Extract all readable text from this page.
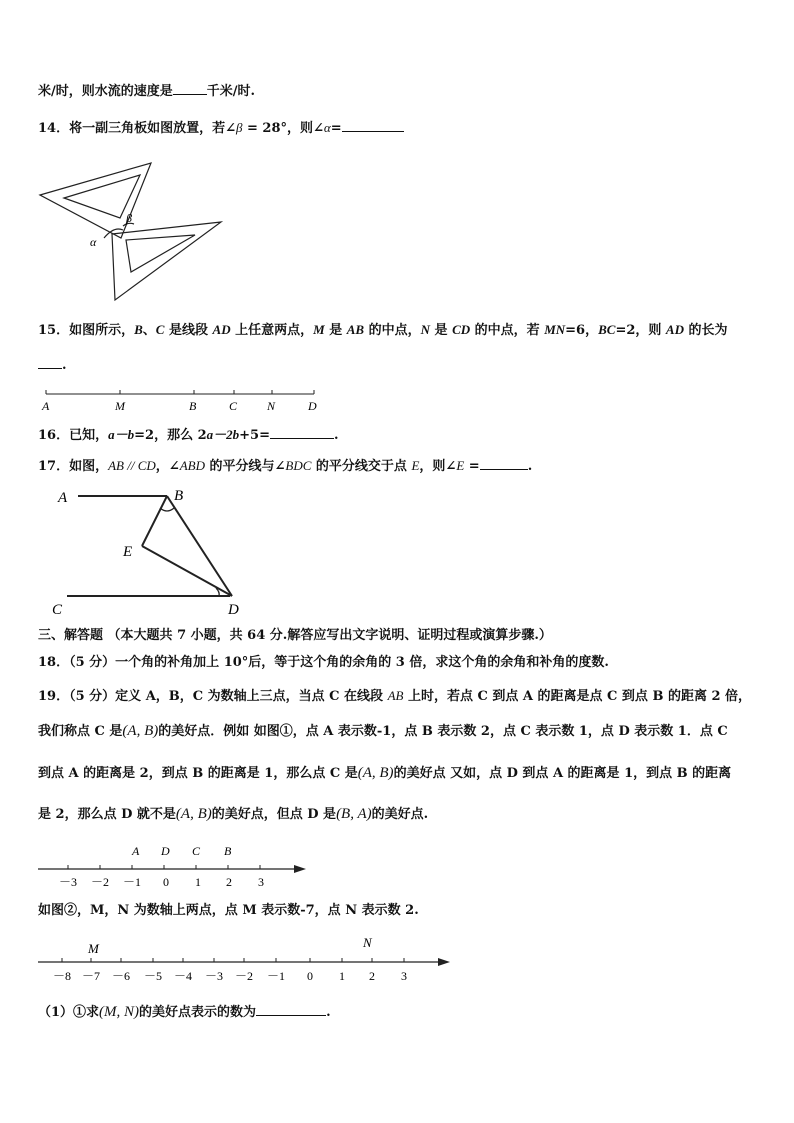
米/时，则水流的速度是	千米/时.
14．将一副三角板如图放置，若∠β = 28°，则∠α=
α
β
15．如图所示，B、C 是线段 AD 上任意两点，M 是 AB 的中点，N 是 CD 的中点，若 MN=6，BC=2，则 AD 的长为
.
A	M	B	C N	D
16．已知，a－b=2，那么 2a－2b+5=	.
17．如图，AB // CD，∠ABD 的平分线与∠BDC 的平分线交于点 E，则∠E =	.
A	B
E
C	D
三、解答题 （本大题共 7 小题，共 64 分.解答应写出文字说明、证明过程或演算步骤.）
18．（5 分）一个角的补角加上 10°后，等于这个角的余角的 3 倍，求这个角的余角和补角的度数.
19．（5 分）定义 A，B，C 为数轴上三点，当点 C 在线段 AB 上时，若点 C 到点 A 的距离是点 C 到点 B 的距离 2 倍，
我们称点 C 是(A, B)的美好点．例如 如图①，点 A 表示数-1，点 B 表示数 2，点 C 表示数 1，点 D 表示数 1．点 C
到点 A 的距离是 2，到点 B 的距离是 1，那么点 C 是(A, B)的美好点 又如，点 D 到点 A 的距离是 1，到点 B 的距离
是 2，那么点 D 就不是(A, B)的美好点，但点 D 是(B, A)的美好点.
A D C B
－3 －2 －1 0 1 2 3
如图②，M，N 为数轴上两点，点 M 表示数-7，点 N 表示数 2.
M	N
－8 －7 －6 －5 －4 －3 －2 －1 0 1 2 3
（1）①求(M, N)的美好点表示的数为	.
